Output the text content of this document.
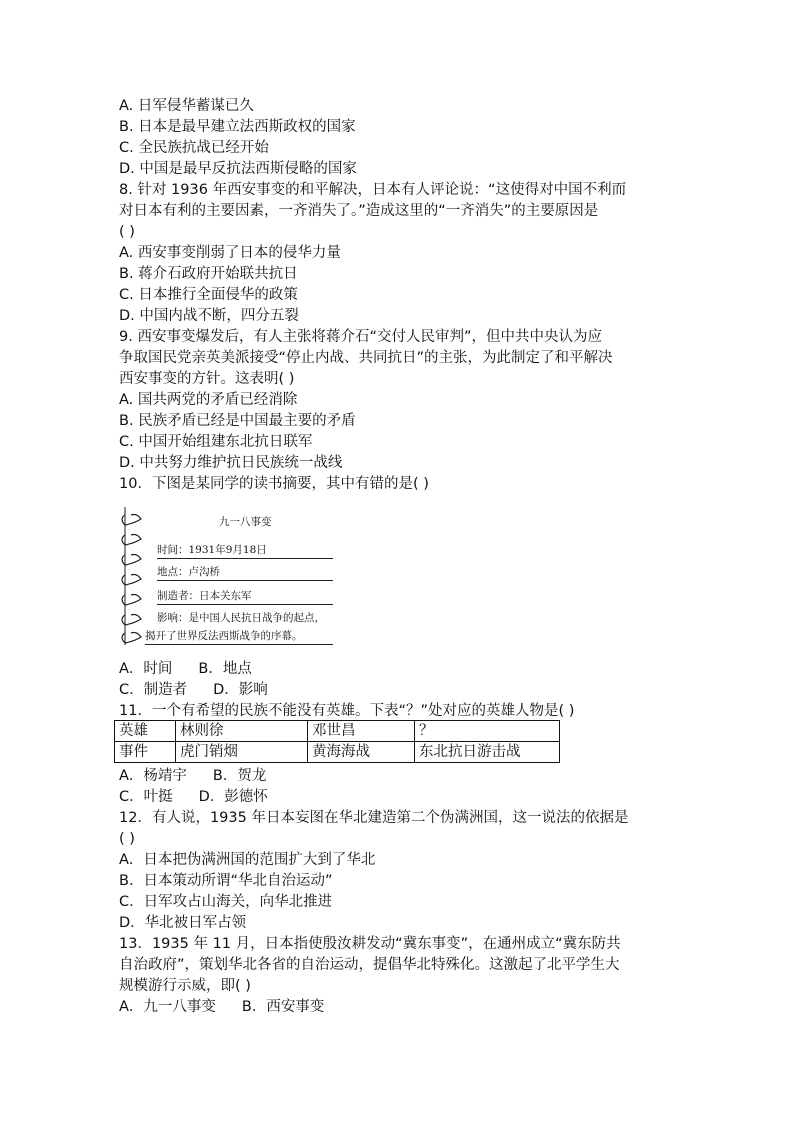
A. 日军侵华蓄谋已久
B. 日本是最早建立法西斯政权的国家
C. 全民族抗战已经开始
D. 中国是最早反抗法西斯侵略的国家
8. 针对 1936 年西安事变的和平解决，日本有人评论说：“这使得对中国不利而
对日本有利的主要因素，一齐消失了。”造成这里的“一齐消失”的主要原因是
( )
A. 西安事变削弱了日本的侵华力量
B. 蒋介石政府开始联共抗日
C. 日本推行全面侵华的政策
D. 中国内战不断，四分五裂
9. 西安事变爆发后，有人主张将蒋介石“交付人民审判”，但中共中央认为应
争取国民党亲英美派接受“停止内战、共同抗日”的主张，为此制定了和平解决
西安事变的方针。这表明( )
A. 国共两党的矛盾已经消除
B. 民族矛盾已经是中国最主要的矛盾
C. 中国开始组建东北抗日联军
D. 中共努力维护抗日民族统一战线
10．下图是某同学的读书摘要，其中有错的是( )
九一八事变
时间：1931年9月18日
地点：卢沟桥
制造者：日本关东军
影响：是中国人民抗日战争的起点，
揭开了世界反法西斯战争的序幕。
A．时间 B．地点
C．制造者 D．影响
11．一个有希望的民族不能没有英雄。下表“？”处对应的英雄人物是( )
英雄	林则徐	邓世昌	？
事件	虎门销烟	黄海海战	东北抗日游击战
A．杨靖宇 B．贺龙
C．叶挺 D．彭德怀
12．有人说，1935 年日本妄图在华北建造第二个伪满洲国，这一说法的依据是
( )
A．日本把伪满洲国的范围扩大到了华北
B．日本策动所谓“华北自治运动”
C．日军攻占山海关，向华北推进
D．华北被日军占领
13．1935 年 11 月，日本指使殷汝耕发动“冀东事变”，在通州成立“冀东防共
自治政府”，策划华北各省的自治运动，提倡华北特殊化。这激起了北平学生大
规模游行示威，即( )
A．九一八事变 B．西安事变
